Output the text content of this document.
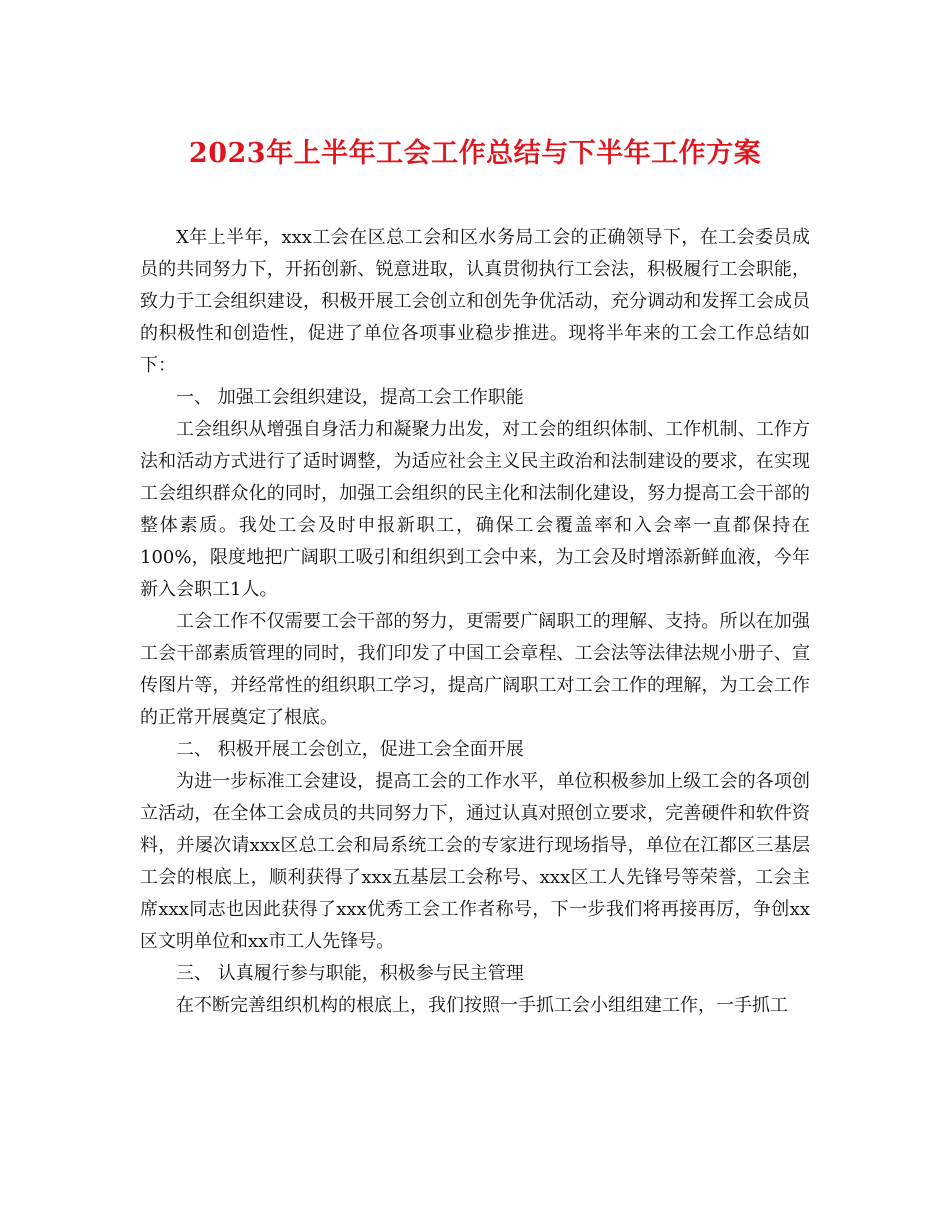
2023年上半年工会工作总结与下半年工作方案

X年上半年，xxx工会在区总工会和区水务局工会的正确领导下，在工会委员成员的共同努力下，开拓创新、锐意进取，认真贯彻执行工会法，积极履行工会职能，致力于工会组织建设，积极开展工会创立和创先争优活动，充分调动和发挥工会成员的积极性和创造性，促进了单位各项事业稳步推进。现将半年来的工会工作总结如下：

一、 加强工会组织建设，提高工会工作职能

工会组织从增强自身活力和凝聚力出发，对工会的组织体制、工作机制、工作方法和活动方式进行了适时调整，为适应社会主义民主政治和法制建设的要求，在实现工会组织群众化的同时，加强工会组织的民主化和法制化建设，努力提高工会干部的整体素质。我处工会及时申报新职工，确保工会覆盖率和入会率一直都保持在100%，限度地把广阔职工吸引和组织到工会中来，为工会及时增添新鲜血液，今年新入会职工1人。

工会工作不仅需要工会干部的努力，更需要广阔职工的理解、支持。所以在加强工会干部素质管理的同时，我们印发了中国工会章程、工会法等法律法规小册子、宣传图片等，并经常性的组织职工学习，提高广阔职工对工会工作的理解，为工会工作的正常开展奠定了根底。

二、 积极开展工会创立，促进工会全面开展

为进一步标准工会建设，提高工会的工作水平，单位积极参加上级工会的各项创立活动，在全体工会成员的共同努力下，通过认真对照创立要求，完善硬件和软件资料，并屡次请xxx区总工会和局系统工会的专家进行现场指导，单位在江都区三基层工会的根底上，顺利获得了xxx五基层工会称号、xxx区工人先锋号等荣誉，工会主席xxx同志也因此获得了xxx优秀工会工作者称号，下一步我们将再接再厉，争创xx区文明单位和xx市工人先锋号。

三、 认真履行参与职能，积极参与民主管理

在不断完善组织机构的根底上，我们按照一手抓工会小组组建工作，一手抓工
